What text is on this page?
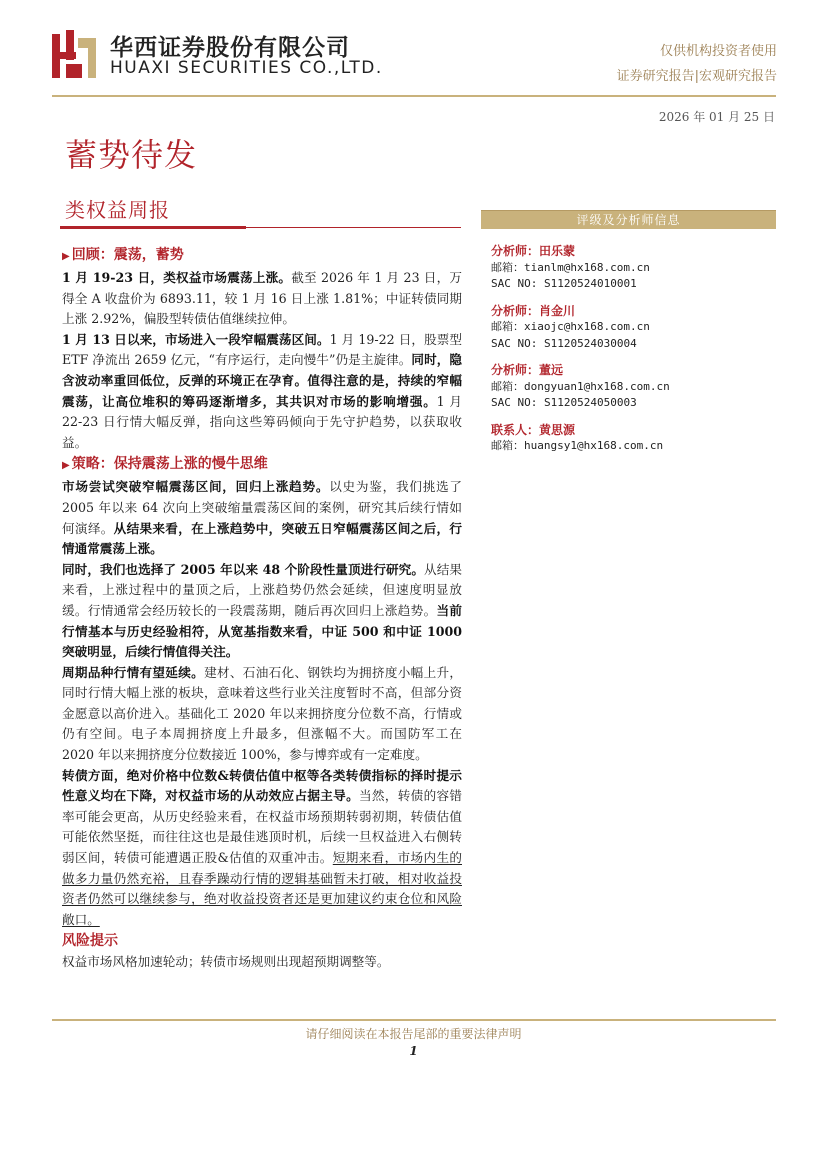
华西证券股份有限公司
HUAXI SECURITIES CO.,LTD.
仅供机构投资者使用
证券研究报告|宏观研究报告
2026 年 01 月 25 日
蓄势待发
类权益周报
▶ 回顾：震荡，蓄势

1 月 19-23 日，类权益市场震荡上涨。截至 2026 年 1 月 23 日，万得全 A 收盘价为 6893.11，较 1 月 16 日上涨 1.81%；中证转债同期上涨 2.92%，偏股型转债估值继续拉伸。

1 月 13 日以来，市场进入一段窄幅震荡区间。1 月 19-22 日，股票型 ETF 净流出 2659 亿元，“有序运行，走向慢牛”仍是主旋律。同时，隐含波动率重回低位，反弹的环境正在孕育。值得注意的是，持续的窄幅震荡，让高位堆积的筹码逐渐增多，其共识对市场的影响增强。1 月 22-23 日行情大幅反弹，指向这些筹码倾向于先守护趋势，以获取收益。

▶ 策略：保持震荡上涨的慢牛思维

市场尝试突破窄幅震荡区间，回归上涨趋势。以史为鉴，我们挑选了 2005 年以来 64 次向上突破缩量震荡区间的案例，研究其后续行情如何演绎。从结果来看，在上涨趋势中，突破五日窄幅震荡区间之后，行情通常震荡上涨。

同时，我们也选择了 2005 年以来 48 个阶段性量顶进行研究。从结果来看，上涨过程中的量顶之后，上涨趋势仍然会延续，但速度明显放缓。行情通常会经历较长的一段震荡期，随后再次回归上涨趋势。当前行情基本与历史经验相符，从宽基指数来看，中证 500 和中证 1000 突破明显，后续行情值得关注。

周期品种行情有望延续。建材、石油石化、钢铁均为拥挤度小幅上升，同时行情大幅上涨的板块，意味着这些行业关注度暂时不高，但部分资金愿意以高价进入。基础化工 2020 年以来拥挤度分位数不高，行情或仍有空间。电子本周拥挤度上升最多，但涨幅不大。而国防军工在 2020 年以来拥挤度分位数接近 100%，参与博弈或有一定难度。

转债方面，绝对价格中位数&转债估值中枢等各类转债指标的择时提示性意义均在下降，对权益市场的从动效应占据主导。当然，转债的容错率可能会更高，从历史经验来看，在权益市场预期转弱初期，转债估值可能依然坚挺，而往往这也是最佳逃顶时机，后续一旦权益进入右侧转弱区间，转债可能遭遇正股&估值的双重冲击。短期来看，市场内生的做多力量仍然充裕，且春季躁动行情的逻辑基础暂未打破，相对收益投资者仍然可以继续参与，绝对收益投资者还是更加建议约束仓位和风险敞口。

风险提示

权益市场风格加速轮动；转债市场规则出现超预期调整等。

评级及分析师信息
分析师：田乐蒙
邮箱：tianlm@hx168.com.cn
SAC NO: S1120524010001
分析师：肖金川
邮箱：xiaojc@hx168.com.cn
SAC NO: S1120524030004
分析师：董远
邮箱：dongyuan1@hx168.com.cn
SAC NO: S1120524050003
联系人：黄思源
邮箱：huangsy1@hx168.com.cn
请仔细阅读在本报告尾部的重要法律声明
1
